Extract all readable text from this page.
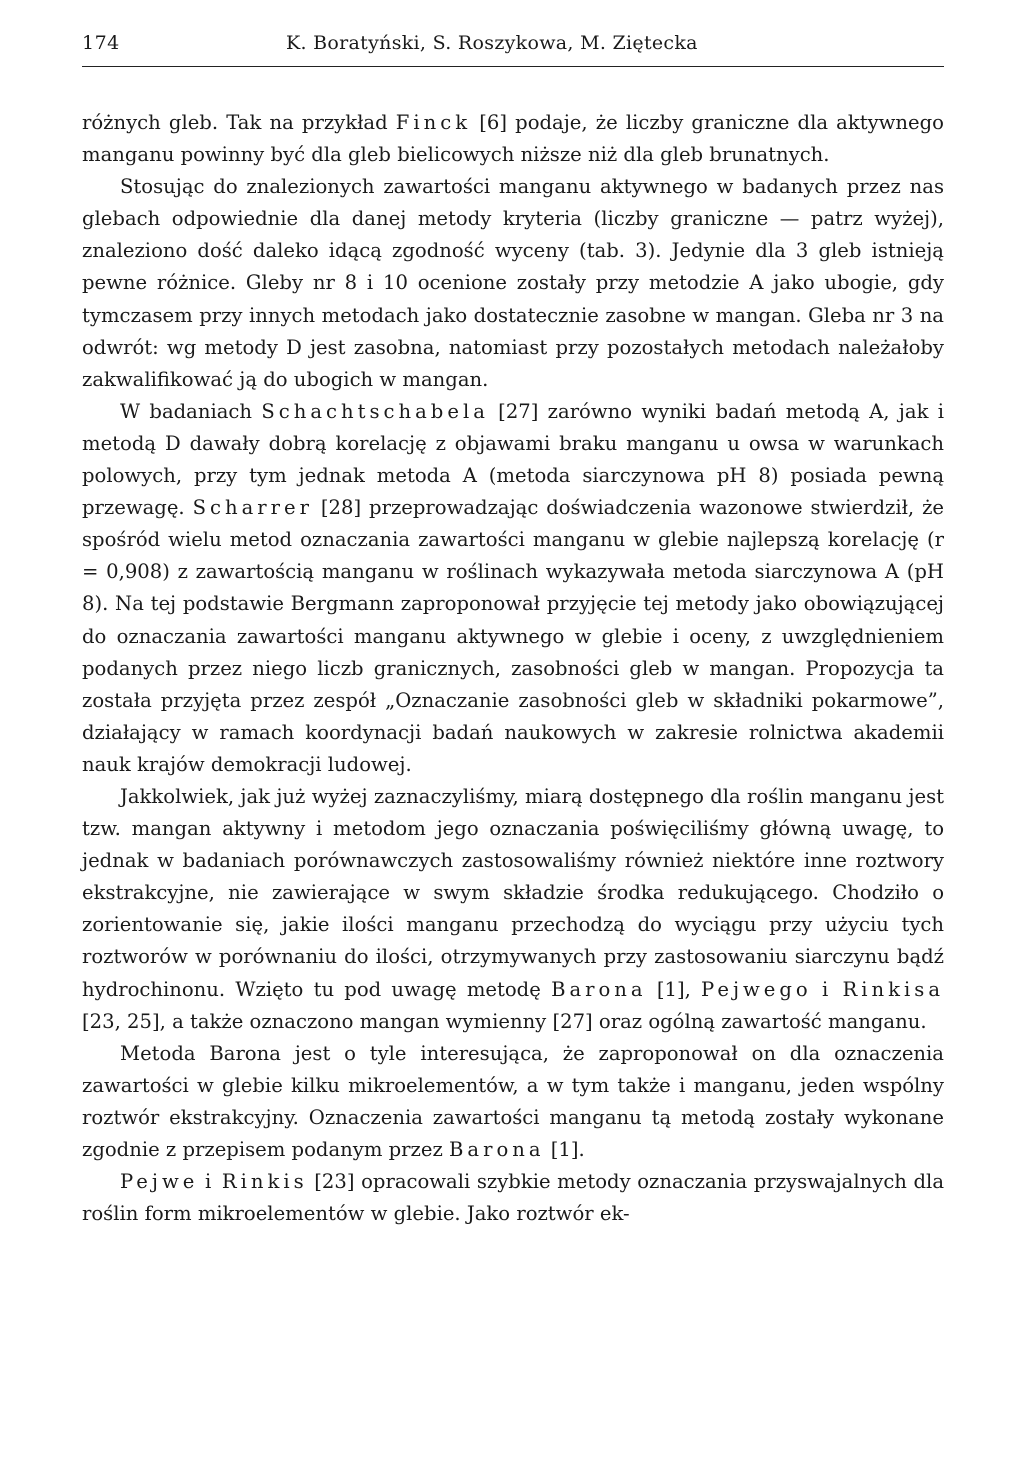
174	K. Boratyński, S. Roszykowa, M. Ziętecka

różnych gleb. Tak na przykład Finck [6] podaje, że liczby graniczne dla aktywnego manganu powinny być dla gleb bielicowych niższe niż dla gleb brunatnych.

Stosując do znalezionych zawartości manganu aktywnego w badanych przez nas glebach odpowiednie dla danej metody kryteria (liczby graniczne — patrz wyżej), znaleziono dość daleko idącą zgodność wyceny (tab. 3). Jedynie dla 3 gleb istnieją pewne różnice. Gleby nr 8 i 10 ocenione zostały przy metodzie A jako ubogie, gdy tymczasem przy innych metodach jako dostatecznie zasobne w mangan. Gleba nr 3 na odwrót: wg metody D jest zasobna, natomiast przy pozostałych metodach należałoby zakwalifikować ją do ubogich w mangan.

W badaniach Schachtschabela [27] zarówno wyniki badań metodą A, jak i metodą D dawały dobrą korelację z objawami braku manganu u owsa w warunkach polowych, przy tym jednak metoda A (metoda siarczynowa pH 8) posiada pewną przewagę. Scharrer [28] przeprowadzając doświadczenia wazonowe stwierdził, że spośród wielu metod oznaczania zawartości manganu w glebie najlepszą korelację (r = 0,908) z zawartością manganu w roślinach wykazywała metoda siarczynowa A (pH 8). Na tej podstawie Bergmann zaproponował przyjęcie tej metody jako obowiązującej do oznaczania zawartości manganu aktywnego w glebie i oceny, z uwzględnieniem podanych przez niego liczb granicznych, zasobności gleb w mangan. Propozycja ta została przyjęta przez zespół „Oznaczanie zasobności gleb w składniki pokarmowe”, działający w ramach koordynacji badań naukowych w zakresie rolnictwa akademii nauk krajów demokracji ludowej.

Jakkolwiek, jak już wyżej zaznaczyliśmy, miarą dostępnego dla roślin manganu jest tzw. mangan aktywny i metodom jego oznaczania poświęciliśmy główną uwagę, to jednak w badaniach porównawczych zastosowaliśmy również niektóre inne roztwory ekstrakcyjne, nie zawierające w swym składzie środka redukującego. Chodziło o zorientowanie się, jakie ilości manganu przechodzą do wyciągu przy użyciu tych roztworów w porównaniu do ilości, otrzymywanych przy zastosowaniu siarczynu bądź hydrochinonu. Wzięto tu pod uwagę metodę Barona [1], Pejwego i Rinkisa [23, 25], a także oznaczono mangan wymienny [27] oraz ogólną zawartość manganu.

Metoda Barona jest o tyle interesująca, że zaproponował on dla oznaczenia zawartości w glebie kilku mikroelementów, a w tym także i manganu, jeden wspólny roztwór ekstrakcyjny. Oznaczenia zawartości manganu tą metodą zostały wykonane zgodnie z przepisem podanym przez Barona [1].

Pejwe i Rinkis [23] opracowali szybkie metody oznaczania przyswajalnych dla roślin form mikroelementów w glebie. Jako roztwór ek-
